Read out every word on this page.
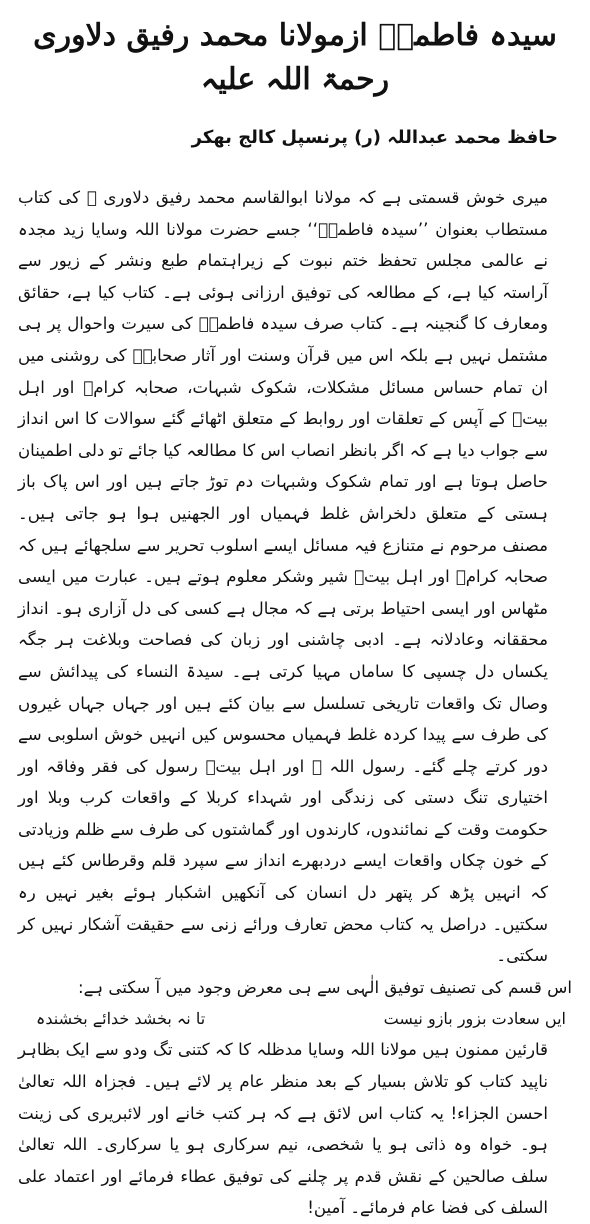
سیدہ فاطمہؓ ازمولانا محمد رفیق دلاوری رحمۃ اللہ علیہ
حافظ محمد عبداللہ (ر) پرنسپل کالج بھکر

میری خوش قسمتی ہے کہ مولانا ابوالقاسم محمد رفیق دلاوری ؒ کی کتاب مستطاب بعنوان ’’سیدہ فاطمہؓ‘‘ جسے حضرت مولانا اللہ وسایا زید مجدہ نے عالمی مجلس تحفظ ختم نبوت کے زیراہتمام طبع ونشر کے زیور سے آراستہ کیا ہے، کے مطالعہ کی توفیق ارزانی ہوئی ہے۔ کتاب کیا ہے، حقائق ومعارف کا گنجینہ ہے۔ کتاب صرف سیدہ فاطمہؓ کی سیرت واحوال پر ہی مشتمل نہیں ہے بلکہ اس میں قرآن وسنت اور آثار صحابہؓ کی روشنی میں ان تمام حساس مسائل مشکلات، شکوک شبہات، صحابہ کرامؓ اور اہل بیتؓ کے آپس کے تعلقات اور روابط کے متعلق اٹھائے گئے سوالات کا اس انداز سے جواب دیا ہے کہ اگر بانظر انصاب اس کا مطالعہ کیا جائے تو دلی اطمینان حاصل ہوتا ہے اور تمام شکوک وشبہات دم توڑ جاتے ہیں اور اس پاک باز ہستی کے متعلق دلخراش غلط فہمیاں اور الجھنیں ہوا ہو جاتی ہیں۔ مصنف مرحوم نے متنازع فیہ مسائل ایسے اسلوب تحریر سے سلجھائے ہیں کہ صحابہ کرامؓ اور اہل بیتؓ شیر وشکر معلوم ہوتے ہیں۔ عبارت میں ایسی مٹھاس اور ایسی احتیاط برتی ہے کہ مجال ہے کسی کی دل آزاری ہو۔ انداز محققانہ وعادلانہ ہے۔ ادبی چاشنی اور زبان کی فصاحت وبلاغت ہر جگہ یکساں دل چسپی کا ساماں مہیا کرتی ہے۔ سیدۃ النساء کی پیدائش سے وصال تک واقعات تاریخی تسلسل سے بیان کئے ہیں اور جہاں جہاں غیروں کی طرف سے پیدا کردہ غلط فہمیاں محسوس کیں انہیں خوش اسلوبی سے دور کرتے چلے گئے۔ رسول اللہ ﷺ اور اہل بیتؓ رسول کی فقر وفاقہ اور اختیاری تنگ دستی کی زندگی اور شہداء کربلا کے واقعات کرب وبلا اور حکومت وقت کے نمائندوں، کارندوں اور گماشتوں کی طرف سے ظلم وزیادتی کے خون چکاں واقعات ایسے دردبھرے انداز سے سپرد قلم وقرطاس کئے ہیں کہ انہیں پڑھ کر پتھر دل انسان کی آنکھیں اشکبار ہوئے بغیر نہیں رہ سکتیں۔ دراصل یہ کتاب محض تعارف ورائے زنی سے حقیقت آشکار نہیں کر سکتی۔

اس قسم کی تصنیف توفیق الٰہی سے ہی معرض وجود میں آ سکتی ہے:

ایں سعادت بزور بازو نیست
تا نہ بخشد خدائے بخشندہ

قارئین ممنون ہیں مولانا اللہ وسایا مدظلہ کا کہ کتنی تگ ودو سے ایک بظاہر ناپید کتاب کو تلاش بسیار کے بعد منظر عام پر لائے ہیں۔ فجزاہ اللہ تعالیٰ احسن الجزاء! یہ کتاب اس لائق ہے کہ ہر کتب خانے اور لائبریری کی زینت ہو۔ خواہ وہ ذاتی ہو یا شخصی، نیم سرکاری ہو یا سرکاری۔ اللہ تعالیٰ سلف صالحین کے نقش قدم پر چلنے کی توفیق عطاء فرمائے اور اعتماد علی السلف کی فضا عام فرمائے۔ آمین!
